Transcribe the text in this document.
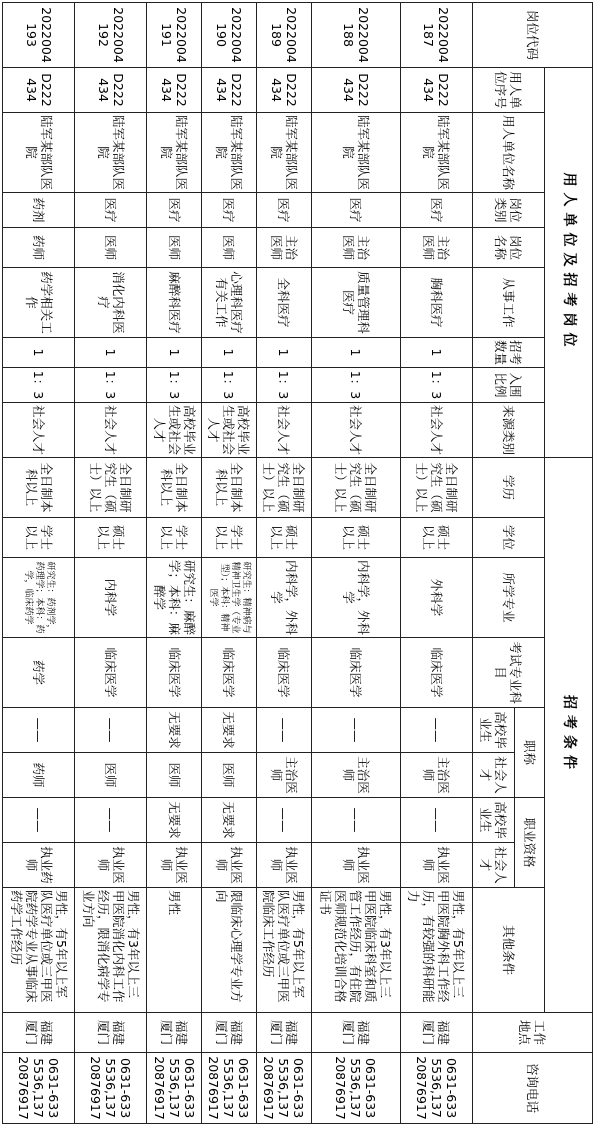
岗位代码	用人单位及招考岗位								招考条件									工作地点	咨询电话
	用人单位序号	用人单位名称	岗位类别	岗位名称	从事工作	招考数量	入围比例	来源类别	学历	学位	所学专业	考试专业科目	职称		职业资格		其他条件		
													高校毕业生	社会人才	高校毕业生	社会人才			
2022004187	D222434	陆军某部队医院	医疗	主治医师	胸科医疗	1	1：3	社会人才	全日制研究生（硕士）以上	硕士以上	外科学	临床医学	——	主治医师	——	执业医师	男性，有5年以上三甲医院胸外科工作经历，有较强的科研能力	福建厦门	0631-6335536,13720876917
2022004188	D222434	陆军某部队医院	医疗	主治医师	质量管理科医疗	1	1：3	社会人才	全日制研究生（硕士）以上	硕士以上	内科学，外科学	临床医学	——	主治医师	——	执业医师	男性，有3年以上三甲医院临床科室和质管工作经历，有住院医师规范化培训合格证书	福建厦门	0631-6335536,13720876917
2022004189	D222434	陆军某部队医院	医疗	主治医师	全科医疗	1	1：3	社会人才	全日制研究生（硕士）以上	硕士以上	内科学，外科学	临床医学	——	主治医师	——	执业医师	男性，有5年以上军队医疗单位或三甲医院临床工作经历	福建厦门	0631-6335536,13720876917
2022004190	D222434	陆军某部队医院	医疗	医师	心理科医疗有关工作	1	1：3	高校毕业生或社会人才	全日制本科以上	学士以上	研究生：精神病与精神卫生学（专业型）；本科：精神医学	临床医学	无要求	医师	无要求	执业医师	限临床心理学专业方向	福建厦门	0631-6335536,13720876917
2022004191	D222434	陆军某部队医院	医疗	医师	麻醉科医疗	1	1：3	高校毕业生或社会人才	全日制本科以上	学士以上	研究生：麻醉学；本科：麻醉学	临床医学	无要求	医师	无要求	执业医师	男性	福建厦门	0631-6335536,13720876917
2022004192	D222434	陆军某部队医院	医疗	医师	消化内科医疗	1	1：3	社会人才	全日制研究生（硕士）以上	硕士以上	内科学	临床医学	——	医师	——	执业医师	男性，有3年以上三甲医院消化内科工作经历，限消化病学专业方向	福建厦门	0631-6335536,13720876917
2022004193	D222434	陆军某部队医院	药剂	药师	药学相关工作	1	1：3	社会人才	全日制本科以上	学士以上	研究生：药剂学，药理学；本科：药学，临床药学	药学	——	药师	——	执业药师	男性，有5年以上军队医疗单位或三甲医院药学专业从事临床药学工作经历	福建厦门	0631-6335536,13720876917
